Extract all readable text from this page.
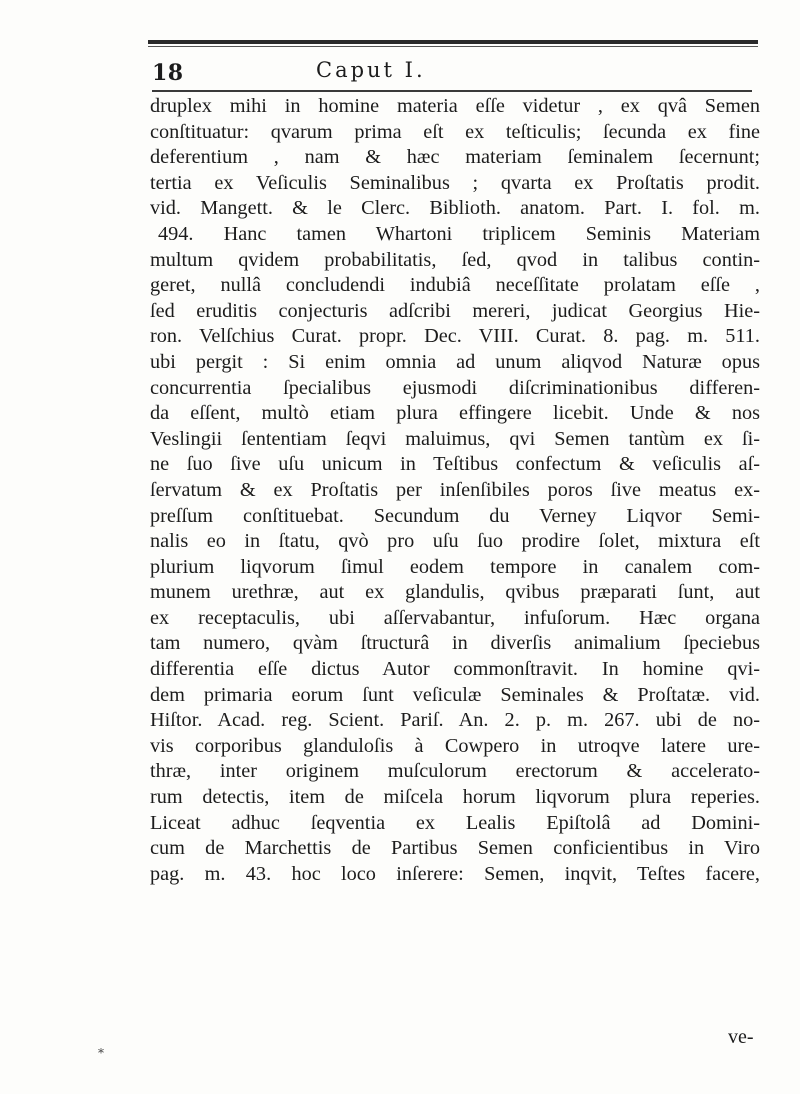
18	Caput I.
druplex mihi in homine materia eſſe videtur , ex qvâ Semen
conſtituatur: qvarum prima eſt ex teſticulis; ſecunda ex fine
deferentium , nam & hæc materiam ſeminalem ſecernunt;
tertia ex Veſiculis Seminalibus ; qvarta ex Proſtatis prodit.
vid. Mangett. & le Clerc. Biblioth. anatom. Part. I. fol. m.
494. Hanc tamen Whartoni triplicem Seminis Materiam
multum qvidem probabilitatis, ſed, qvod in talibus contin-
geret, nullâ concludendi indubiâ neceſſitate prolatam eſſe ,
ſed eruditis conjecturis adſcribi mereri, judicat Georgius Hie-
ron. Velſchius Curat. propr. Dec. VIII. Curat. 8. pag. m. 511.
ubi pergit : Si enim omnia ad unum aliqvod Naturæ opus
concurrentia ſpecialibus ejusmodi diſcriminationibus differen-
da eſſent, multò etiam plura effingere licebit. Unde & nos
Veslingii ſententiam ſeqvi maluimus, qvi Semen tantùm ex ſi-
ne ſuo ſive uſu unicum in Teſtibus confectum & veſiculis aſ-
ſervatum & ex Proſtatis per inſenſibiles poros ſive meatus ex-
preſſum conſtituebat. Secundum du Verney Liqvor Semi-
nalis eo in ſtatu, qvò pro uſu ſuo prodire ſolet, mixtura eſt
plurium liqvorum ſimul eodem tempore in canalem com-
munem urethræ, aut ex glandulis, qvibus præparati ſunt, aut
ex receptaculis, ubi aſſervabantur, infuſorum. Hæc organa
tam numero, qvàm ſtructurâ in diverſis animalium ſpeciebus
differentia eſſe dictus Autor commonſtravit. In homine qvi-
dem primaria eorum ſunt veſiculæ Seminales & Proſtatæ. vid.
Hiſtor. Acad. reg. Scient. Pariſ. An. 2. p. m. 267. ubi de no-
vis corporibus glanduloſis à Cowpero in utroqve latere ure-
thræ, inter originem muſculorum erectorum & accelerato-
rum detectis, item de miſcela horum liqvorum plura reperies.
Liceat adhuc ſeqventia ex Lealis Epiſtolâ ad Domini-
cum de Marchettis de Partibus Semen conficientibus in Viro
pag. m. 43. hoc loco inſerere: Semen, inqvit, Teſtes facere,
ve-
*
